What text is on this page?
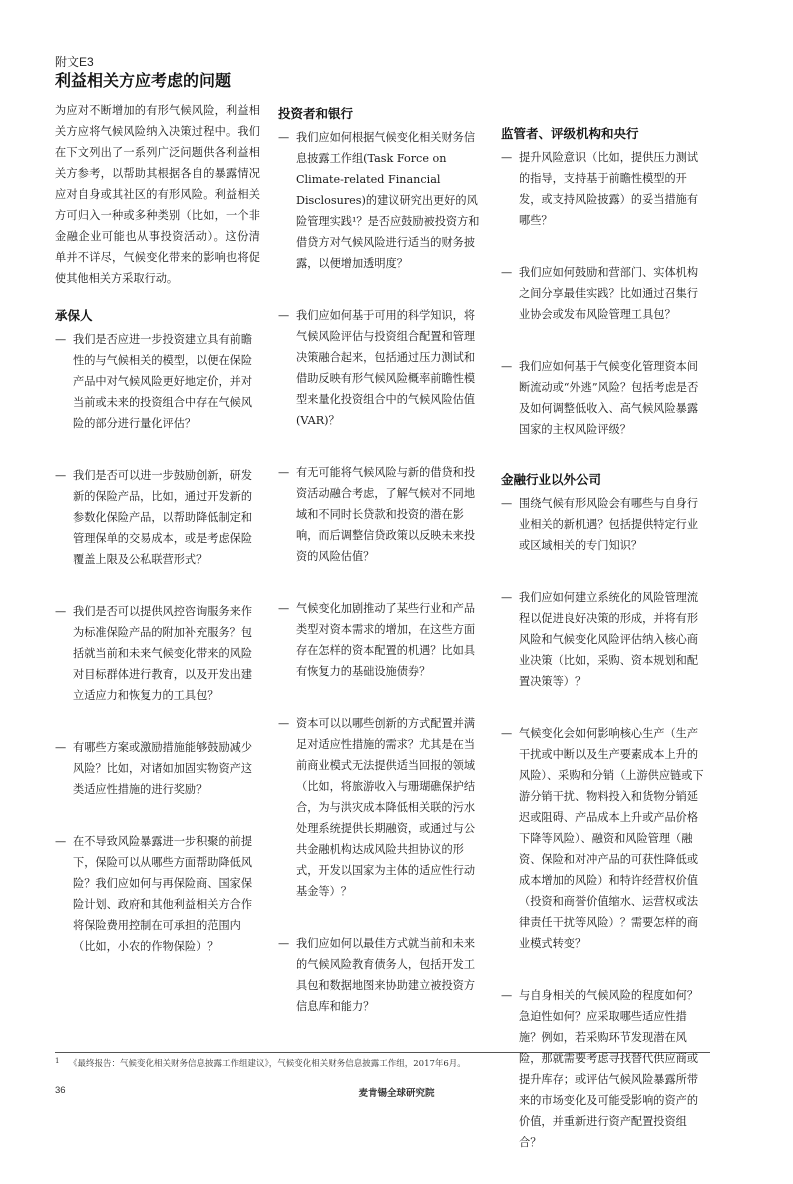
附文E3
利益相关方应考虑的问题

为应对不断增加的有形气候风险，利益相关方应将气候风险纳入决策过程中。我们在下文列出了一系列广泛问题供各利益相关方参考，以帮助其根据各自的暴露情况应对自身或其社区的有形风险。利益相关方可归入一种或多种类别（比如，一个非金融企业可能也从事投资活动）。这份清单并不详尽，气候变化带来的影响也将促使其他相关方采取行动。

承保人
— 我们是否应进一步投资建立具有前瞻性的与气候相关的模型，以便在保险产品中对气候风险更好地定价，并对当前或未来的投资组合中存在气候风险的部分进行量化评估？
— 我们是否可以进一步鼓励创新，研发新的保险产品，比如，通过开发新的参数化保险产品，以帮助降低制定和管理保单的交易成本，或是考虑保险覆盖上限及公私联营形式？
— 我们是否可以提供风控咨询服务来作为标准保险产品的附加补充服务？包括就当前和未来气候变化带来的风险对目标群体进行教育，以及开发出建立适应力和恢复力的工具包？
— 有哪些方案或激励措施能够鼓励减少风险？比如，对诸如加固实物资产这类适应性措施的进行奖励？
— 在不导致风险暴露进一步积聚的前提下，保险可以从哪些方面帮助降低风险？我们应如何与再保险商、国家保险计划、政府和其他利益相关方合作将保险费用控制在可承担的范围内（比如，小农的作物保险）？
投资者和银行
— 我们应如何根据气候变化相关财务信息披露工作组(Task Force on Climate-related Financial Disclosures)的建议研究出更好的风险管理实践¹？是否应鼓励被投资方和借贷方对气候风险进行适当的财务披露，以便增加透明度？
— 我们应如何基于可用的科学知识，将气候风险评估与投资组合配置和管理决策融合起来，包括通过压力测试和借助反映有形气候风险概率前瞻性模型来量化投资组合中的气候风险估值(VAR)？
— 有无可能将气候风险与新的借贷和投资活动融合考虑，了解气候对不同地域和不同时长贷款和投资的潜在影响，而后调整信贷政策以反映未来投资的风险估值？
— 气候变化加剧推动了某些行业和产品类型对资本需求的增加，在这些方面存在怎样的资本配置的机遇？比如具有恢复力的基础设施债券？
— 资本可以以哪些创新的方式配置并满足对适应性措施的需求？尤其是在当前商业模式无法提供适当回报的领域（比如，将旅游收入与珊瑚礁保护结合，为与洪灾成本降低相关联的污水处理系统提供长期融资，或通过与公共金融机构达成风险共担协议的形式，开发以国家为主体的适应性行动基金等）？
— 我们应如何以最佳方式就当前和未来的气候风险教育债务人，包括开发工具包和数据地图来协助建立被投资方信息库和能力？
监管者、评级机构和央行
— 提升风险意识（比如，提供压力测试的指导，支持基于前瞻性模型的开发，或支持风险披露）的妥当措施有哪些？
— 我们应如何鼓励和营部门、实体机构之间分享最佳实践？比如通过召集行业协会或发布风险管理工具包？
— 我们应如何基于气候变化管理资本间断流动或“外逃”风险？包括考虑是否及如何调整低收入、高气候风险暴露国家的主权风险评级？
金融行业以外公司
— 围绕气候有形风险会有哪些与自身行业相关的新机遇？包括提供特定行业或区域相关的专门知识？
— 我们应如何建立系统化的风险管理流程以促进良好决策的形成，并将有形风险和气候变化风险评估纳入核心商业决策（比如，采购、资本规划和配置决策等）？
— 气候变化会如何影响核心生产（生产干扰或中断以及生产要素成本上升的风险）、采购和分销（上游供应链或下游分销干扰、物料投入和货物分销延迟或阻碍、产品成本上升或产品价格下降等风险）、融资和风险管理（融资、保险和对冲产品的可获性降低或成本增加的风险）和特许经营权价值（投资和商誉价值缩水、运营权或法律责任干扰等风险）？需要怎样的商业模式转变？
— 与自身相关的气候风险的程度如何？急迫性如何？应采取哪些适应性措施？例如，若采购环节发现潜在风险，那就需要考虑寻找替代供应商或提升库存；或评估气候风险暴露所带来的市场变化及可能受影响的资产的价值，并重新进行资产配置投资组合？
1 《最终报告：气候变化相关财务信息披露工作组建议》，气候变化相关财务信息披露工作组，2017年6月。
36	麦肯锡全球研究院
